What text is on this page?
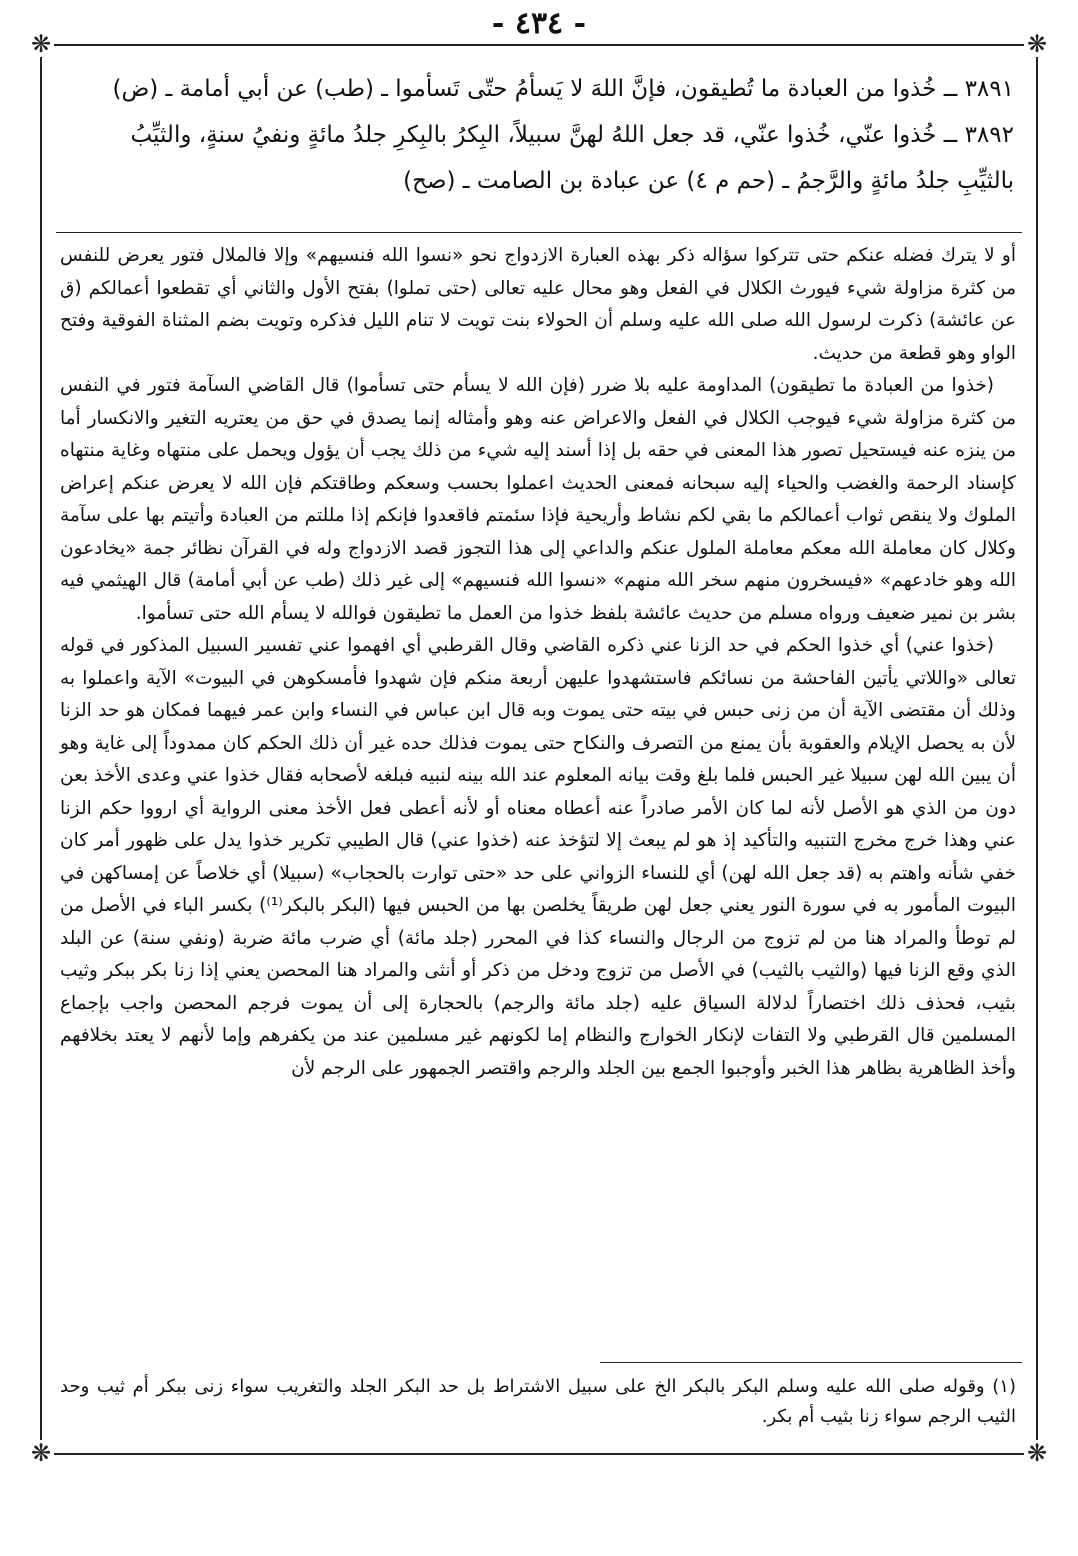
❋	❋
❋	❋
- ٤٣٤ -

٣٨٩١ ــ خُذوا من العبادة ما تُطيقون، فإنَّ اللهَ لا يَسأمُ حتّى تَسأموا ـ (طب) عن أبي أمامة ـ (ض)

٣٨٩٢ ــ خُذوا عنّي، خُذوا عنّي، قد جعل اللهُ لهنَّ سبيلاً، البِكرُ بالبِكرِ جلدُ مائةٍ ونفيُ سنةٍ، والثيِّبُ بالثيِّبِ جلدُ مائةٍ والرَّجمُ ـ (حم م ٤) عن عبادة بن الصامت ـ (صح)

أو لا يترك فضله عنكم حتى تتركوا سؤاله ذكر بهذه العبارة الازدواج نحو «نسوا الله فنسيهم» وإلا فالملال فتور يعرض للنفس من كثرة مزاولة شيء فيورث الكلال في الفعل وهو محال عليه تعالى (حتى تملوا) بفتح الأول والثاني أي تقطعوا أعمالكم (ق عن عائشة) ذكرت لرسول الله صلى الله عليه وسلم أن الحولاء بنت تويت لا تنام الليل فذكره وتويت بضم المثناة الفوقية وفتح الواو وهو قطعة من حديث.

(خذوا من العبادة ما تطيقون) المداومة عليه بلا ضرر (فإن الله لا يسأم حتى تسأموا) قال القاضي السآمة فتور في النفس من كثرة مزاولة شيء فيوجب الكلال في الفعل والاعراض عنه وهو وأمثاله إنما يصدق في حق من يعتريه التغير والانكسار أما من ينزه عنه فيستحيل تصور هذا المعنى في حقه بل إذا أسند إليه شيء من ذلك يجب أن يؤول ويحمل على منتهاه وغاية منتهاه كإسناد الرحمة والغضب والحياء إليه سبحانه فمعنى الحديث اعملوا بحسب وسعكم وطاقتكم فإن الله لا يعرض عنكم إعراض الملوك ولا ينقص ثواب أعمالكم ما بقي لكم نشاط وأريحية فإذا سئمتم فاقعدوا فإنكم إذا مللتم من العبادة وأتيتم بها على سآمة وكلال كان معاملة الله معكم معاملة الملول عنكم والداعي إلى هذا التجوز قصد الازدواج وله في القرآن نظائر جمة «يخادعون الله وهو خادعهم» «فيسخرون منهم سخر الله منهم» «نسوا الله فنسيهم» إلى غير ذلك (طب عن أبي أمامة) قال الهيثمي فيه بشر بن نمير ضعيف ورواه مسلم من حديث عائشة بلفظ خذوا من العمل ما تطيقون فوالله لا يسأم الله حتى تسأموا.

(خذوا عني) أي خذوا الحكم في حد الزنا عني ذكره القاضي وقال القرطبي أي افهموا عني تفسير السبيل المذكور في قوله تعالى «واللاتي يأتين الفاحشة من نسائكم فاستشهدوا عليهن أربعة منكم فإن شهدوا فأمسكوهن في البيوت» الآية واعملوا به وذلك أن مقتضى الآية أن من زنى حبس في بيته حتى يموت وبه قال ابن عباس في النساء وابن عمر فيهما فمكان هو حد الزنا لأن به يحصل الإيلام والعقوبة بأن يمنع من التصرف والنكاح حتى يموت فذلك حده غير أن ذلك الحكم كان ممدوداً إلى غاية وهو أن يبين الله لهن سبيلا غير الحبس فلما بلغ وقت بيانه المعلوم عند الله بينه لنبيه فبلغه لأصحابه فقال خذوا عني وعدى الأخذ بعن دون من الذي هو الأصل لأنه لما كان الأمر صادراً عنه أعطاه معناه أو لأنه أعطى فعل الأخذ معنى الرواية أي ارووا حكم الزنا عني وهذا خرج مخرج التنبيه والتأكيد إذ هو لم يبعث إلا لتؤخذ عنه (خذوا عني) قال الطيبي تكرير خذوا يدل على ظهور أمر كان خفي شأنه واهتم به (قد جعل الله لهن) أي للنساء الزواني على حد «حتى توارت بالحجاب» (سبيلا) أي خلاصاً عن إمساكهن في البيوت المأمور به في سورة النور يعني جعل لهن طريقاً يخلصن بها من الحبس فيها (البكر بالبكر⁽¹⁾) بكسر الباء في الأصل من لم توطأ والمراد هنا من لم تزوج من الرجال والنساء كذا في المحرر (جلد مائة) أي ضرب مائة ضربة (ونفي سنة) عن البلد الذي وقع الزنا فيها (والثيب بالثيب) في الأصل من تزوج ودخل من ذكر أو أنثى والمراد هنا المحصن يعني إذا زنا بكر ببكر وثيب بثيب، فحذف ذلك اختصاراً لدلالة السياق عليه (جلد مائة والرجم) بالحجارة إلى أن يموت فرجم المحصن واجب بإجماع المسلمين قال القرطبي ولا التفات لإنكار الخوارج والنظام إما لكونهم غير مسلمين عند من يكفرهم وإما لأنهم لا يعتد بخلافهم وأخذ الظاهرية بظاهر هذا الخبر وأوجبوا الجمع بين الجلد والرجم واقتصر الجمهور على الرجم لأن

(١) وقوله صلى الله عليه وسلم البكر بالبكر الخ على سبيل الاشتراط بل حد البكر الجلد والتغريب سواء زنى ببكر أم ثيب وحد الثيب الرجم سواء زنا بثيب أم بكر.
